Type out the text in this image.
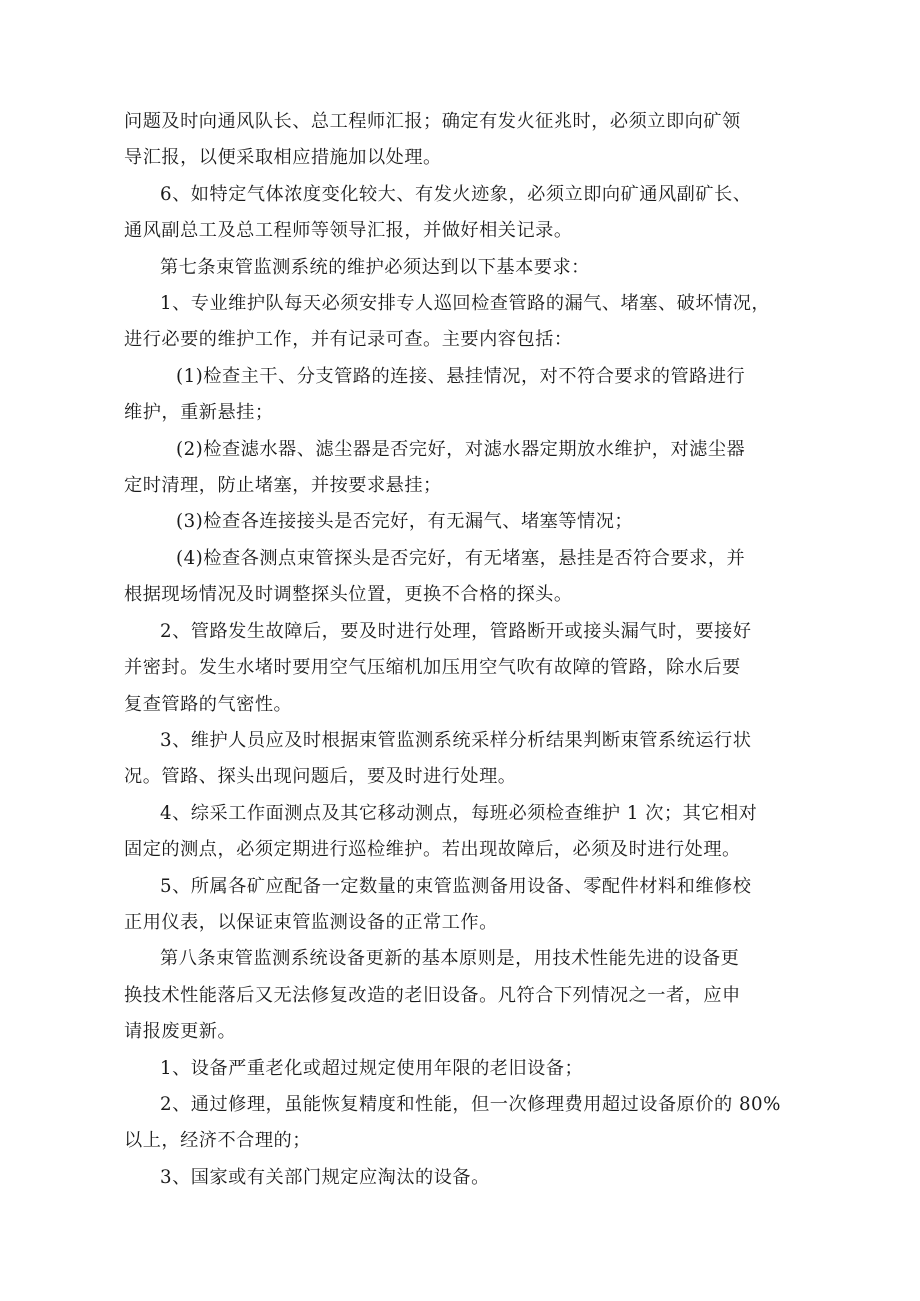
问题及时向通风队长、总工程师汇报；确定有发火征兆时，必须立即向矿领
导汇报，以便采取相应措施加以处理。

6、如特定气体浓度变化较大、有发火迹象，必须立即向矿通风副矿长、
通风副总工及总工程师等领导汇报，并做好相关记录。

第七条束管监测系统的维护必须达到以下基本要求：

1、专业维护队每天必须安排专人巡回检查管路的漏气、堵塞、破坏情况，
进行必要的维护工作，并有记录可查。主要内容包括：

(1)检查主干、分支管路的连接、悬挂情况，对不符合要求的管路进行
维护，重新悬挂；

(2)检查滤水器、滤尘器是否完好，对滤水器定期放水维护，对滤尘器
定时清理，防止堵塞，并按要求悬挂；

(3)检查各连接接头是否完好，有无漏气、堵塞等情况；

(4)检查各测点束管探头是否完好，有无堵塞，悬挂是否符合要求，并
根据现场情况及时调整探头位置，更换不合格的探头。

2、管路发生故障后，要及时进行处理，管路断开或接头漏气时，要接好
并密封。发生水堵时要用空气压缩机加压用空气吹有故障的管路，除水后要
复查管路的气密性。

3、维护人员应及时根据束管监测系统采样分析结果判断束管系统运行状
况。管路、探头出现问题后，要及时进行处理。

4、综采工作面测点及其它移动测点，每班必须检查维护 1 次；其它相对
固定的测点，必须定期进行巡检维护。若出现故障后，必须及时进行处理。

5、所属各矿应配备一定数量的束管监测备用设备、零配件材料和维修校
正用仪表，以保证束管监测设备的正常工作。

第八条束管监测系统设备更新的基本原则是，用技术性能先进的设备更
换技术性能落后又无法修复改造的老旧设备。凡符合下列情况之一者，应申
请报废更新。

1、设备严重老化或超过规定使用年限的老旧设备；

2、通过修理，虽能恢复精度和性能，但一次修理费用超过设备原价的 80%
以上，经济不合理的；

3、国家或有关部门规定应淘汰的设备。
